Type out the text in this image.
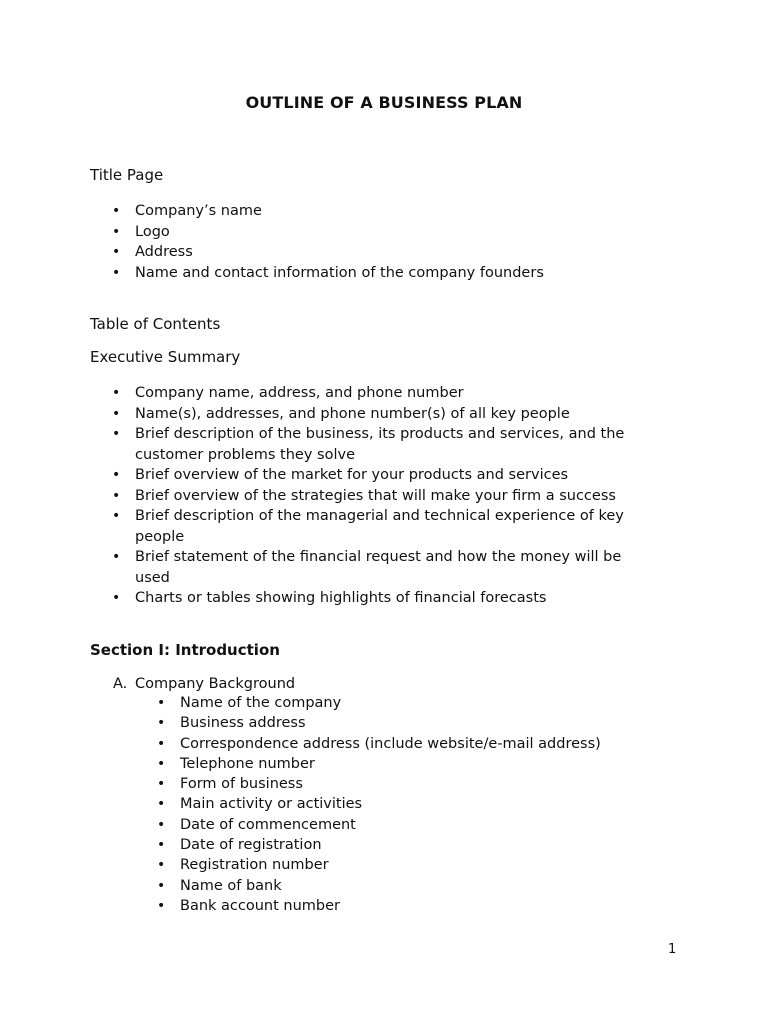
OUTLINE OF A BUSINESS PLAN
Title Page
• Company’s name
• Logo
• Address
• Name and contact information of the company founders
Table of Contents
Executive Summary
• Company name, address, and phone number
• Name(s), addresses, and phone number(s) of all key people
• Brief description of the business, its products and services, and the customer problems they solve
• Brief overview of the market for your products and services
• Brief overview of the strategies that will make your firm a success
• Brief description of the managerial and technical experience of key people
• Brief statement of the financial request and how the money will be used
• Charts or tables showing highlights of financial forecasts
Section I: Introduction
A. Company Background
• Name of the company
• Business address
• Correspondence address (include website/e-mail address)
• Telephone number
• Form of business
• Main activity or activities
• Date of commencement
• Date of registration
• Registration number
• Name of bank
• Bank account number
1
